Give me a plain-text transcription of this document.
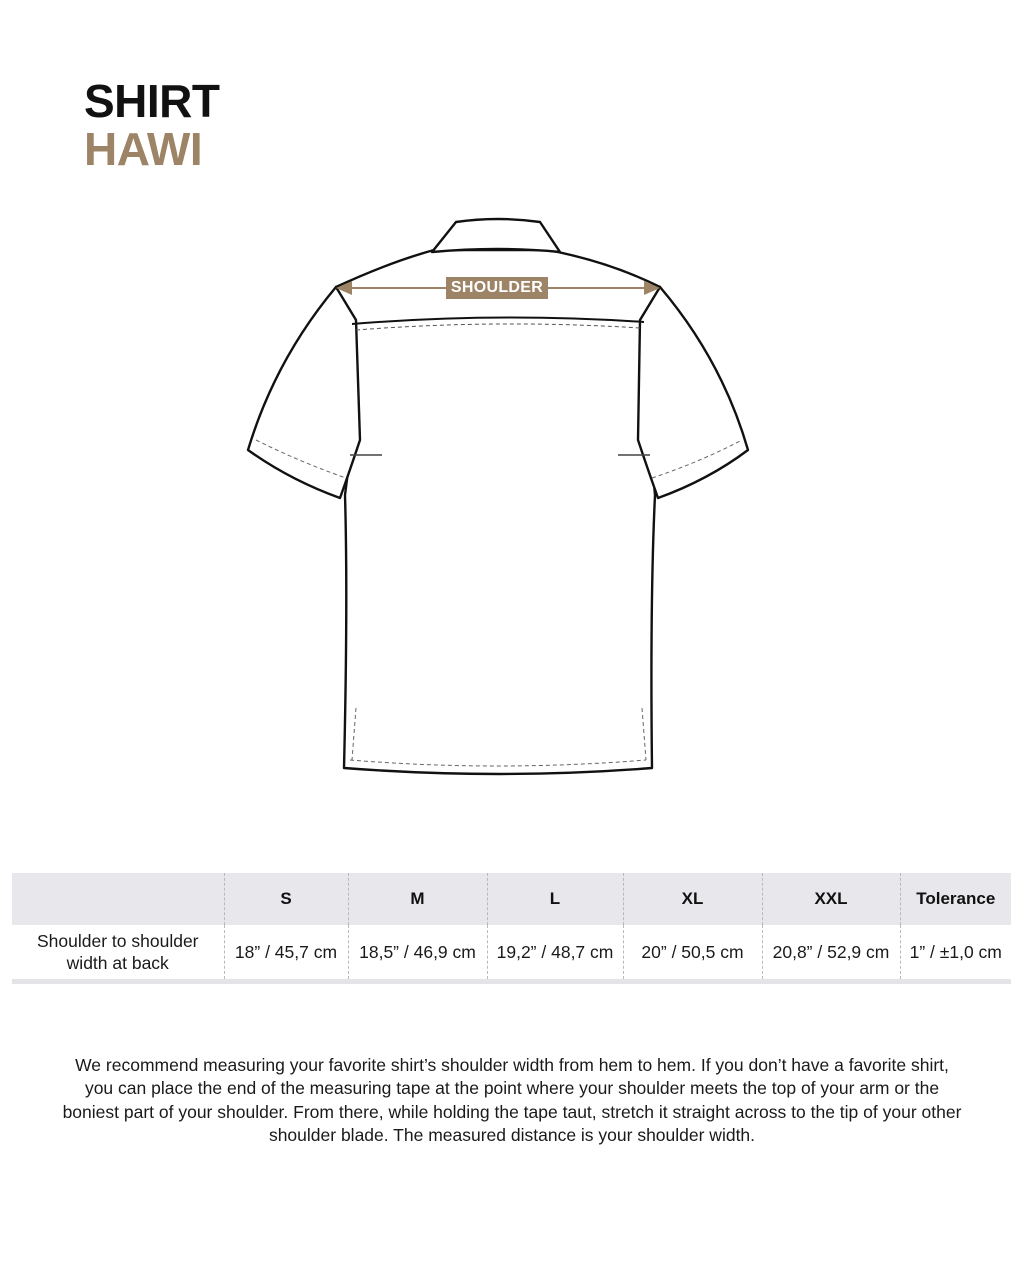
SHIRT
HAWI
SHOULDER
	S	M	L	XL	XXL	Tolerance
Shoulder to shoulder width at back	18” / 45,7 cm	18,5” / 46,9 cm	19,2” / 48,7 cm	20” / 50,5 cm	20,8” / 52,9 cm	1” / ±1,0 cm

We recommend measuring your favorite shirt’s shoulder width from hem to hem. If you don’t have a favorite shirt, you can place the end of the measuring tape at the point where your shoulder meets the top of your arm or the boniest part of your shoulder. From there, while holding the tape taut, stretch it straight across to the tip of your other shoulder blade. The measured distance is your shoulder width.
